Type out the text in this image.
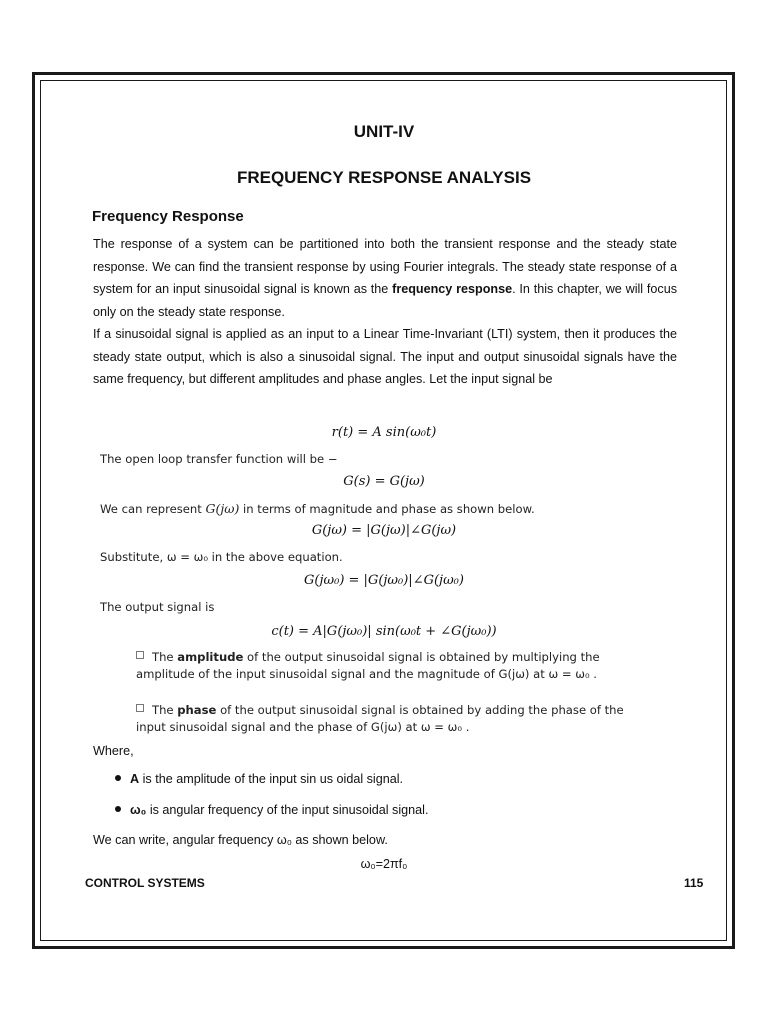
UNIT-IV
FREQUENCY RESPONSE ANALYSIS
Frequency Response
The response of a system can be partitioned into both the transient response and the steady state response. We can find the transient response by using Fourier integrals. The steady state response of a system for an input sinusoidal signal is known as the frequency response. In this chapter, we will focus only on the steady state response.
If a sinusoidal signal is applied as an input to a Linear Time-Invariant (LTI) system, then it produces the steady state output, which is also a sinusoidal signal. The input and output sinusoidal signals have the same frequency, but different amplitudes and phase angles. Let the input signal be
r(t) = A sin(ω₀t)
The open loop transfer function will be −
G(s) = G(jω)
We can represent G(jω) in terms of magnitude and phase as shown below.
G(jω) = |G(jω)|∠G(jω)
Substitute, ω = ω₀ in the above equation.
G(jω₀) = |G(jω₀)|∠G(jω₀)
The output signal is
c(t) = A|G(jω₀)| sin(ω₀t + ∠G(jω₀))
The amplitude of the output sinusoidal signal is obtained by multiplying the amplitude of the input sinusoidal signal and the magnitude of G(jω) at ω = ω₀ .
The phase of the output sinusoidal signal is obtained by adding the phase of the input sinusoidal signal and the phase of G(jω) at ω = ω₀ .
Where,
A is the amplitude of the input sin us oidal signal.
ω₀ is angular frequency of the input sinusoidal signal.
We can write, angular frequency ω₀ as shown below.
ω₀=2πf₀
CONTROL SYSTEMS	115
